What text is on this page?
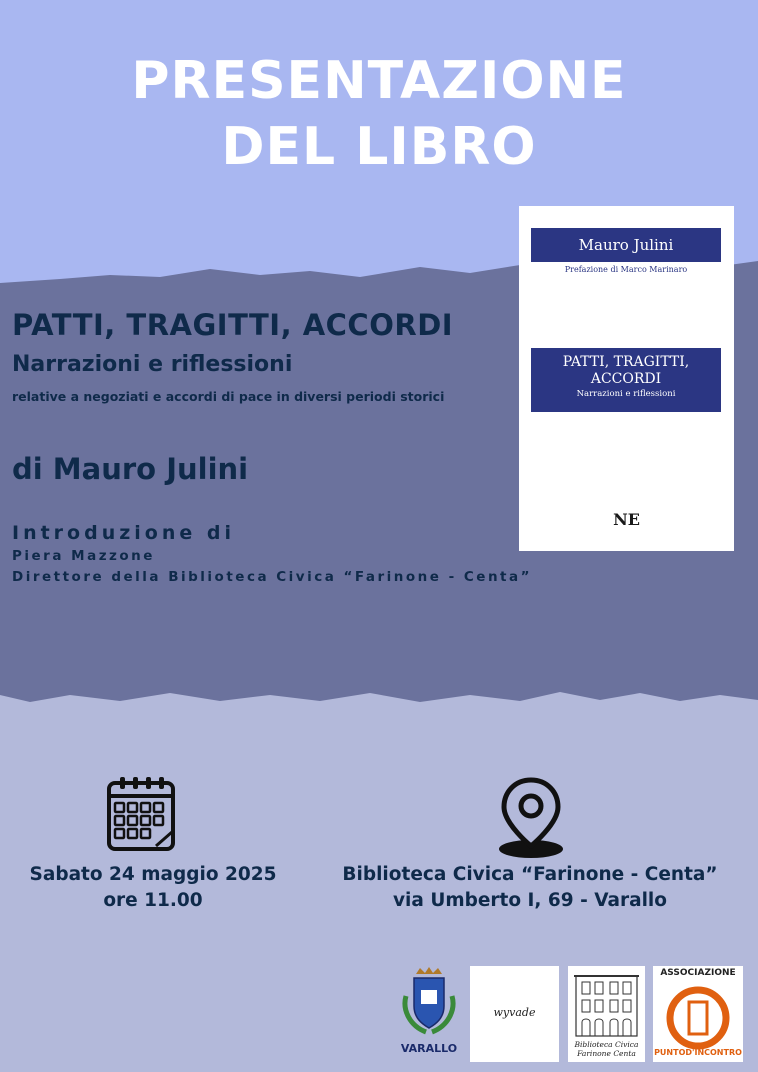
PRESENTAZIONE
DEL LIBRO
PATTI, TRAGITTI, ACCORDI
Narrazioni e riflessioni
relative a negoziati e accordi di pace in diversi periodi storici
di Mauro Julini
Introduzione di
Piera Mazzone
Direttore della Biblioteca Civica “Farinone - Centa”
Mauro Julini
Prefazione di Marco Marinaro
PATTI, TRAGITTI,
ACCORDI
Narrazioni e riflessioni
NE
Sabato 24 maggio 2025
ore 11.00
Biblioteca Civica “Farinone - Centa”
via Umberto I, 69 - Varallo
VARALLO
wyvade
Biblioteca Civica
Farinone Centa
ASSOCIAZIONE
PUNTOD'INCONTRO
